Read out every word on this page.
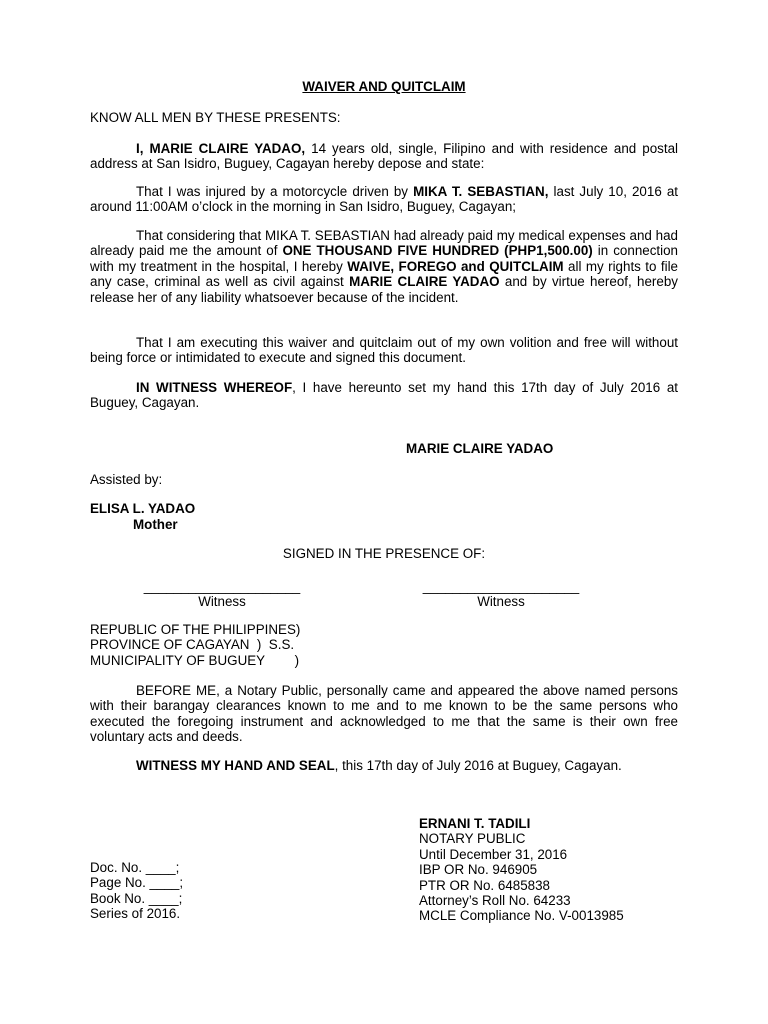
WAIVER AND QUITCLAIM
KNOW ALL MEN BY THESE PRESENTS:

I, MARIE CLAIRE YADAO, 14 years old, single, Filipino and with residence and postal address at San Isidro, Buguey, Cagayan hereby depose and state:

That I was injured by a motorcycle driven by MIKA T. SEBASTIAN, last July 10, 2016 at around 11:00AM o’clock in the morning in San Isidro, Buguey, Cagayan;

That considering that MIKA T. SEBASTIAN had already paid my medical expenses and had already paid me the amount of ONE THOUSAND FIVE HUNDRED (PHP1,500.00) in connection with my treatment in the hospital, I hereby WAIVE, FOREGO and QUITCLAIM all my rights to file any case, criminal as well as civil against MARIE CLAIRE YADAO and by virtue hereof, hereby release her of any liability whatsoever because of the incident.

That I am executing this waiver and quitclaim out of my own volition and free will without being force or intimidated to execute and signed this document.

IN WITNESS WHEREOF, I have hereunto set my hand this 17th day of July 2016 at Buguey, Cagayan.

MARIE CLAIRE YADAO
Assisted by:
ELISA L. YADAO
Mother
SIGNED IN THE PRESENCE OF:
_____________________
Witness
_____________________
Witness
REPUBLIC OF THE PHILIPPINES)
PROVINCE OF CAGAYAN  )  S.S.
MUNICIPALITY OF BUGUEY        )

BEFORE ME, a Notary Public, personally came and appeared the above named persons with their barangay clearances known to me and to me known to be the same persons who executed the foregoing instrument and acknowledged to me that the same is their own free voluntary acts and deeds.

WITNESS MY HAND AND SEAL, this 17th day of July 2016 at Buguey, Cagayan.

ERNANI T. TADILI
NOTARY PUBLIC
Until December 31, 2016
IBP OR No. 946905
PTR OR No. 6485838
Attorney’s Roll No. 64233
MCLE Compliance No. V-0013985
Doc. No. ____;
Page No. ____;
Book No. ____;
Series of 2016.
